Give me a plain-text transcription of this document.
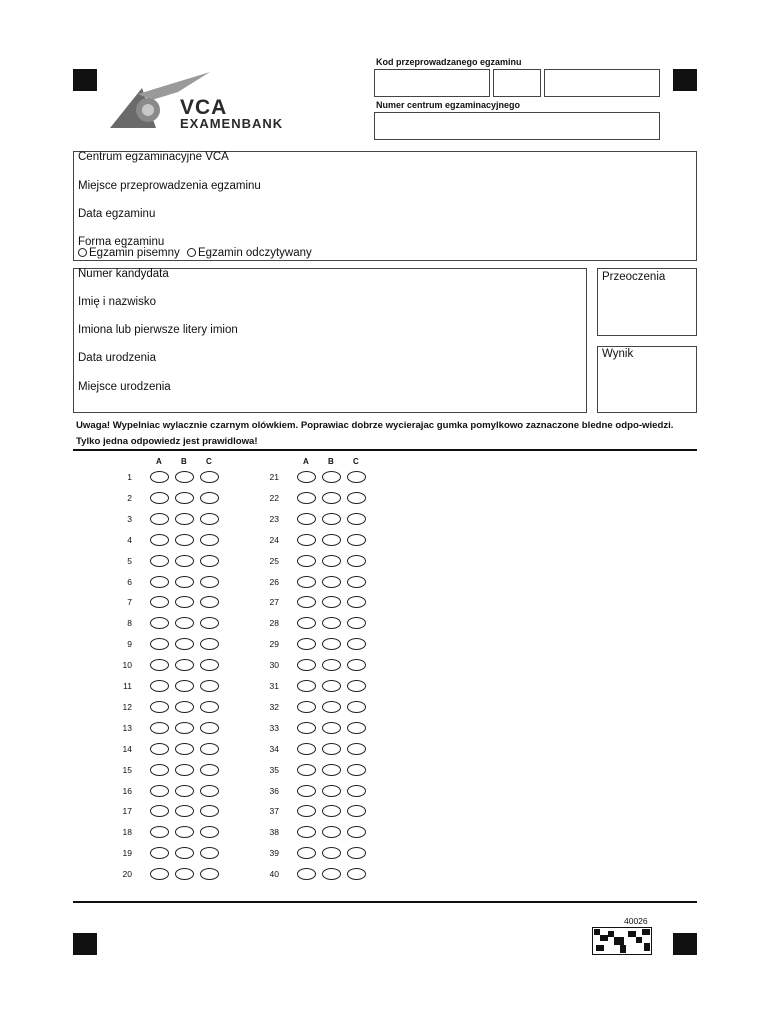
VCA
EXAMENBANK
Kod przeprowadzanego egzaminu
Numer centrum egzaminacyjnego
Centrum egzaminacyjne VCA
Miejsce przeprowadzenia egzaminu
Data egzaminu
Forma egzaminu
Egzamin pisemny Egzamin odczytywany
Numer kandydata
Imię i nazwisko
Imiona lub pierwsze litery imion
Data urodzenia
Miejsce urodzenia
Przeoczenia
Wynik
Uwaga! Wypelniac wylacznie czarnym olówkiem. Poprawiac dobrze wycierajac gumka pomylkowo zaznaczone bledne odpo-wiedzi. Tylko jedna odpowiedz jest prawidlowa!
A B C
1
2
3
4
5
6
7
8
9
10
11
12
13
14
15
16
17
18
19
20
A B C
21
22
23
24
25
26
27
28
29
30
31
32
33
34
35
36
37
38
39
40
40026
